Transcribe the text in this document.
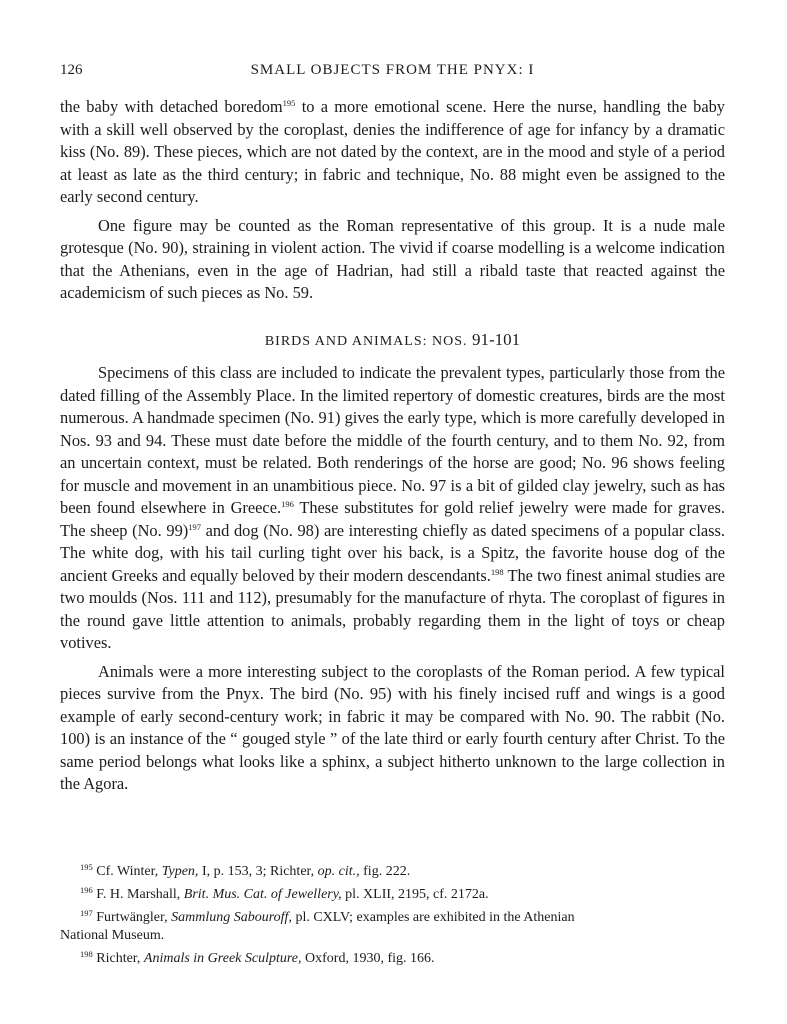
126	SMALL OBJECTS FROM THE PNYX: I

the baby with detached boredom$^{195}$ to a more emotional scene. Here the nurse, handling the baby with a skill well observed by the coroplast, denies the indifference of age for infancy by a dramatic kiss (No. 89). These pieces, which are not dated by the context, are in the mood and style of a period at least as late as the third century; in fabric and technique, No. 88 might even be assigned to the early second century.

One figure may be counted as the Roman representative of this group. It is a nude male grotesque (No. 90), straining in violent action. The vivid if coarse modelling is a welcome indication that the Athenians, even in the age of Hadrian, had still a ribald taste that reacted against the academicism of such pieces as No. 59.

BIRDS AND ANIMALS: NOS. 91-101

Specimens of this class are included to indicate the prevalent types, particularly those from the dated filling of the Assembly Place. In the limited repertory of domestic creatures, birds are the most numerous. A handmade specimen (No. 91) gives the early type, which is more carefully developed in Nos. 93 and 94. These must date before the middle of the fourth century, and to them No. 92, from an uncertain context, must be related. Both renderings of the horse are good; No. 96 shows feeling for muscle and movement in an unambitious piece. No. 97 is a bit of gilded clay jewelry, such as has been found elsewhere in Greece.$^{196}$ These substitutes for gold relief jewelry were made for graves. The sheep (No. 99)$^{197}$ and dog (No. 98) are interesting chiefly as dated specimens of a popular class. The white dog, with his tail curling tight over his back, is a Spitz, the favorite house dog of the ancient Greeks and equally beloved by their modern descendants.$^{198}$ The two finest animal studies are two moulds (Nos. 111 and 112), presumably for the manufacture of rhyta. The coroplast of figures in the round gave little attention to animals, probably regarding them in the light of toys or cheap votives.

Animals were a more interesting subject to the coroplasts of the Roman period. A few typical pieces survive from the Pnyx. The bird (No. 95) with his finely incised ruff and wings is a good example of early second-century work; in fabric it may be compared with No. 90. The rabbit (No. 100) is an instance of the “ gouged style ” of the late third or early fourth century after Christ. To the same period belongs what looks like a sphinx, a subject hitherto unknown to the large collection in the Agora.

$^{195}$ Cf. Winter, Typen, I, p. 153, 3; Richter, op. cit., fig. 222.

$^{196}$ F. H. Marshall, Brit. Mus. Cat. of Jewellery, pl. XLII, 2195, cf. 2172a.

$^{197}$ Furtwängler, Sammlung Sabouroff, pl. CXLV; examples are exhibited in the Athenian

National Museum.

$^{198}$ Richter, Animals in Greek Sculpture, Oxford, 1930, fig. 166.
